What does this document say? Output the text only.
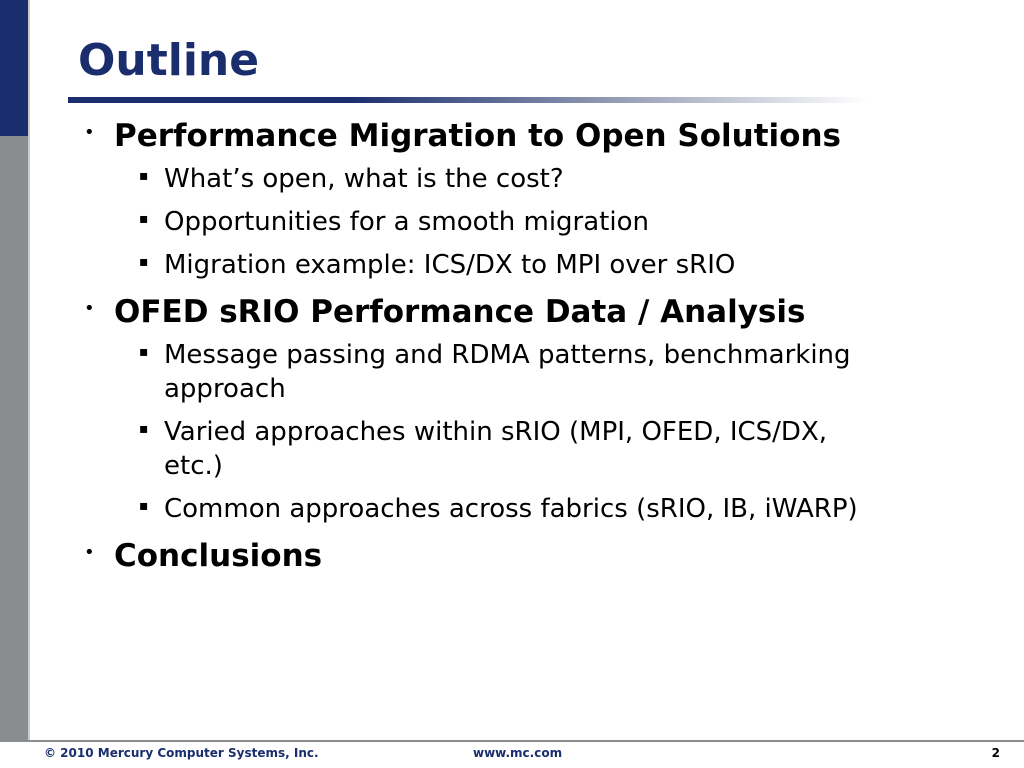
Outline
• Performance Migration to Open Solutions
▪ What’s open, what is the cost?
▪ Opportunities for a smooth migration
▪ Migration example: ICS/DX to MPI over sRIO
• OFED sRIO Performance Data / Analysis
▪ Message passing and RDMA patterns, benchmarking approach
▪ Varied approaches within sRIO (MPI, OFED, ICS/DX, etc.)
▪ Common approaches across fabrics (sRIO, IB, iWARP)
• Conclusions
© 2010 Mercury Computer Systems, Inc.	www.mc.com	2
